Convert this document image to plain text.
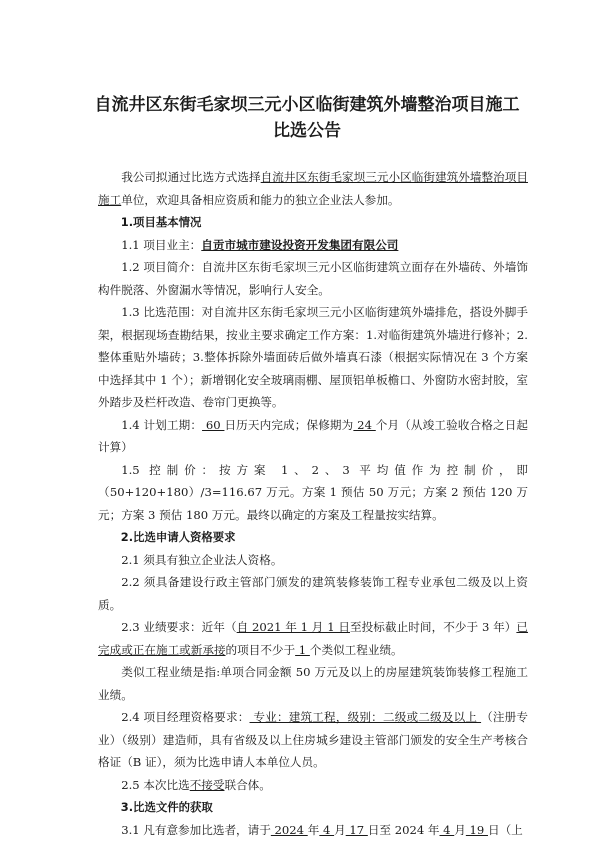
自流井区东街毛家坝三元小区临街建筑外墙整治项目施工
比选公告

我公司拟通过比选方式选择自流井区东街毛家坝三元小区临街建筑外墙整治项目施工单位，欢迎具备相应资质和能力的独立企业法人参加。

1.项目基本情况

1.1 项目业主：自贡市城市建设投资开发集团有限公司

1.2 项目简介：自流井区东街毛家坝三元小区临街建筑立面存在外墙砖、外墙饰构件脱落、外窗漏水等情况，影响行人安全。

1.3 比选范围：对自流井区东街毛家坝三元小区临街建筑外墙排危，搭设外脚手架，根据现场查勘结果，按业主要求确定工作方案：1.对临街建筑外墙进行修补；2.整体重贴外墙砖；3.整体拆除外墙面砖后做外墙真石漆（根据实际情况在 3 个方案中选择其中 1 个）；新增钢化安全玻璃雨棚、屋顶铝单板檐口、外窗防水密封胶，室外踏步及栏杆改造、卷帘门更换等。

1.4 计划工期： 60 日历天内完成；保修期为 24 个月（从竣工验收合格之日起计算）

1.5 控制价：按方案 1、2、3 平均值作为控制价，即（50+120+180）/3=116.67 万元。方案 1 预估 50 万元；方案 2 预估 120 万元；方案 3 预估 180 万元。最终以确定的方案及工程量按实结算。

2.比选申请人资格要求

2.1 须具有独立企业法人资格。

2.2 须具备建设行政主管部门颁发的建筑装修装饰工程专业承包二级及以上资质。

2.3 业绩要求：近年（自 2021 年 1 月 1 日至投标截止时间，不少于 3 年）已完成或正在施工或新承接的项目不少于 1 个类似工程业绩。

类似工程业绩是指:单项合同金额 50 万元及以上的房屋建筑装饰装修工程施工业绩。

2.4 项目经理资格要求： 专业：建筑工程，级别：二级或二级及以上 （注册专业）（级别）建造师，具有省级及以上住房城乡建设主管部门颁发的安全生产考核合格证（B 证），须为比选申请人本单位人员。

2.5 本次比选不接受联合体。

3.比选文件的获取

3.1 凡有意参加比选者，请于 2024 年 4 月 17 日至 2024 年 4 月 19 日（上
